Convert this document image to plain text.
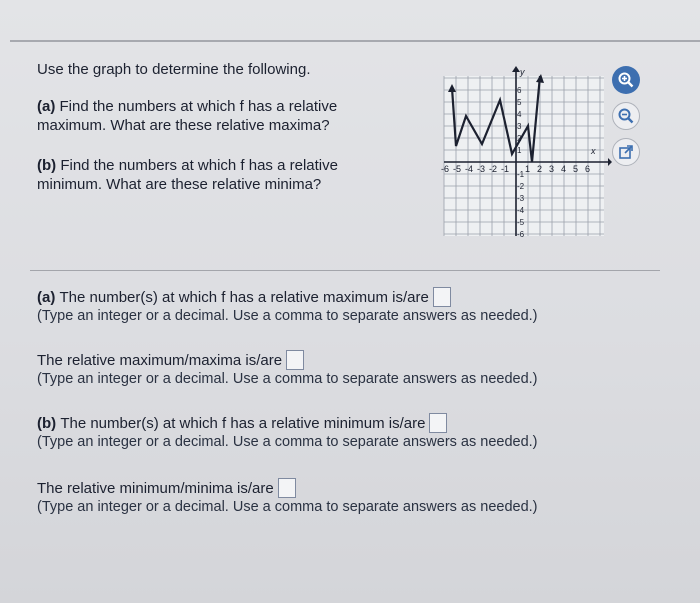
Use the graph to determine the following.

(a) Find the numbers at which f has a relative maximum. What are these relative maxima?

(b) Find the numbers at which f has a relative minimum. What are these relative minima?

y
x
-6 -5 -4 -3 -2 -1 1 2 3 4 5 6
6
5
4
3
2
1
-1
-2
-3
-4
-5
-6

(a)
The number(s) at which f has a relative maximum is/are

(Type an integer or a decimal. Use a comma to separate answers as needed.)

The relative maximum/maxima is/are

(Type an integer or a decimal. Use a comma to separate answers as needed.)

(b)
The number(s) at which f has a relative minimum is/are

(Type an integer or a decimal. Use a comma to separate answers as needed.)

The relative minimum/minima is/are

(Type an integer or a decimal. Use a comma to separate answers as needed.)
